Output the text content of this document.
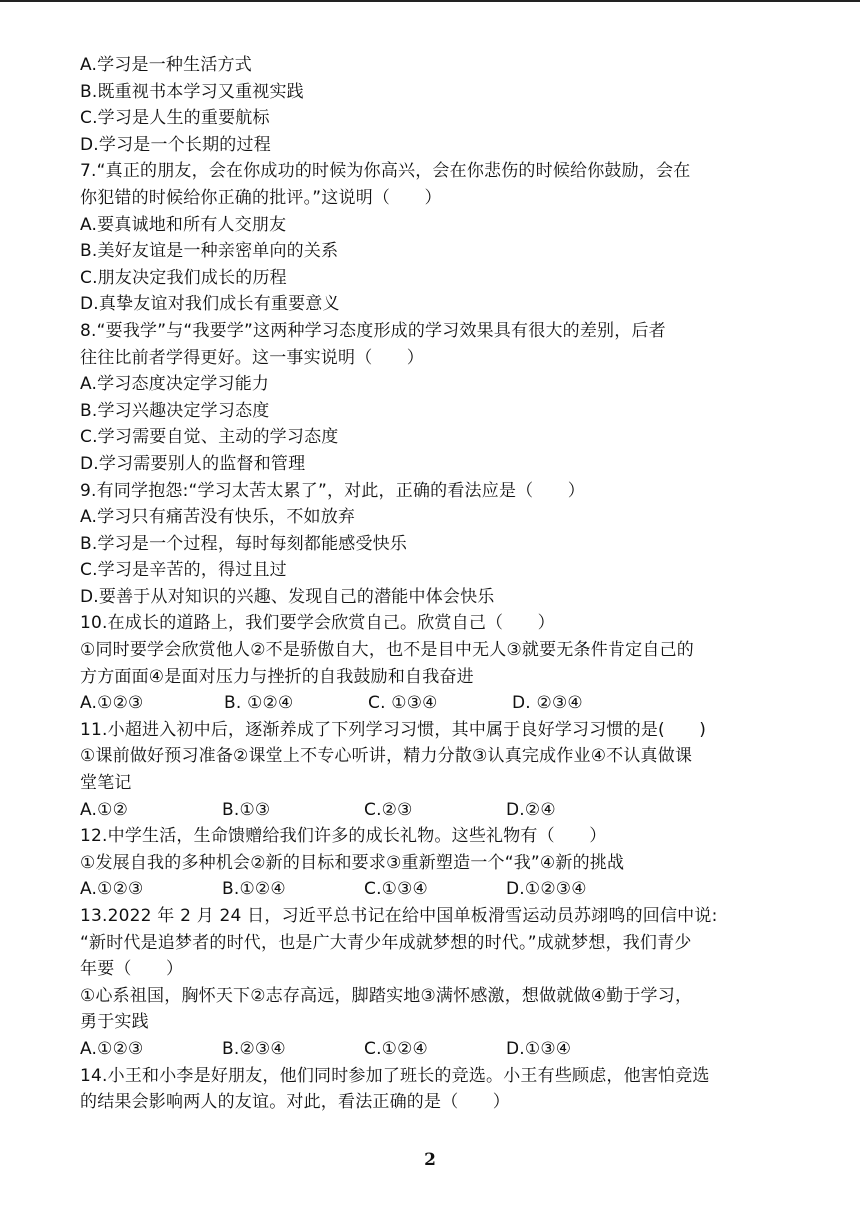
A.学习是一种生活方式
B.既重视书本学习又重视实践
C.学习是人生的重要航标
D.学习是一个长期的过程
7.“真正的朋友，会在你成功的时候为你高兴，会在你悲伤的时候给你鼓励，会在
你犯错的时候给你正确的批评。”这说明（　　）
A.要真诚地和所有人交朋友
B.美好友谊是一种亲密单向的关系
C.朋友决定我们成长的历程
D.真挚友谊对我们成长有重要意义
8.“要我学”与“我要学”这两种学习态度形成的学习效果具有很大的差别，后者
往往比前者学得更好。这一事实说明（　　）
A.学习态度决定学习能力
B.学习兴趣决定学习态度
C.学习需要自觉、主动的学习态度
D.学习需要别人的监督和管理
9.有同学抱怨:“学习太苦太累了”，对此，正确的看法应是（　　）
A.学习只有痛苦没有快乐，不如放弃
B.学习是一个过程，每时每刻都能感受快乐
C.学习是辛苦的，得过且过
D.要善于从对知识的兴趣、发现自己的潜能中体会快乐
10.在成长的道路上，我们要学会欣赏自己。欣赏自己（　　）
①同时要学会欣赏他人②不是骄傲自大，也不是目中无人③就要无条件肯定自己的
方方面面④是面对压力与挫折的自我鼓励和自我奋进
A.①②③	B. ①②④	C. ①③④	D. ②③④
11.小超进入初中后，逐渐养成了下列学习习惯，其中属于良好学习习惯的是(　　)
①课前做好预习准备②课堂上不专心听讲，精力分散③认真完成作业④不认真做课
堂笔记
A.①②	B.①③	C.②③	D.②④
12.中学生活，生命馈赠给我们许多的成长礼物。这些礼物有（　　）
①发展自我的多种机会②新的目标和要求③重新塑造一个“我”④新的挑战
A.①②③	B.①②④	C.①③④	D.①②③④
13.2022 年 2 月 24 日，习近平总书记在给中国单板滑雪运动员苏翊鸣的回信中说:
“新时代是追梦者的时代，也是广大青少年成就梦想的时代。”成就梦想，我们青少
年要（　　）
①心系祖国，胸怀天下②志存高远，脚踏实地③满怀感激，想做就做④勤于学习，
勇于实践
A.①②③	B.②③④	C.①②④	D.①③④
14.小王和小李是好朋友，他们同时参加了班长的竞选。小王有些顾虑，他害怕竞选
的结果会影响两人的友谊。对此，看法正确的是（　　）
2
